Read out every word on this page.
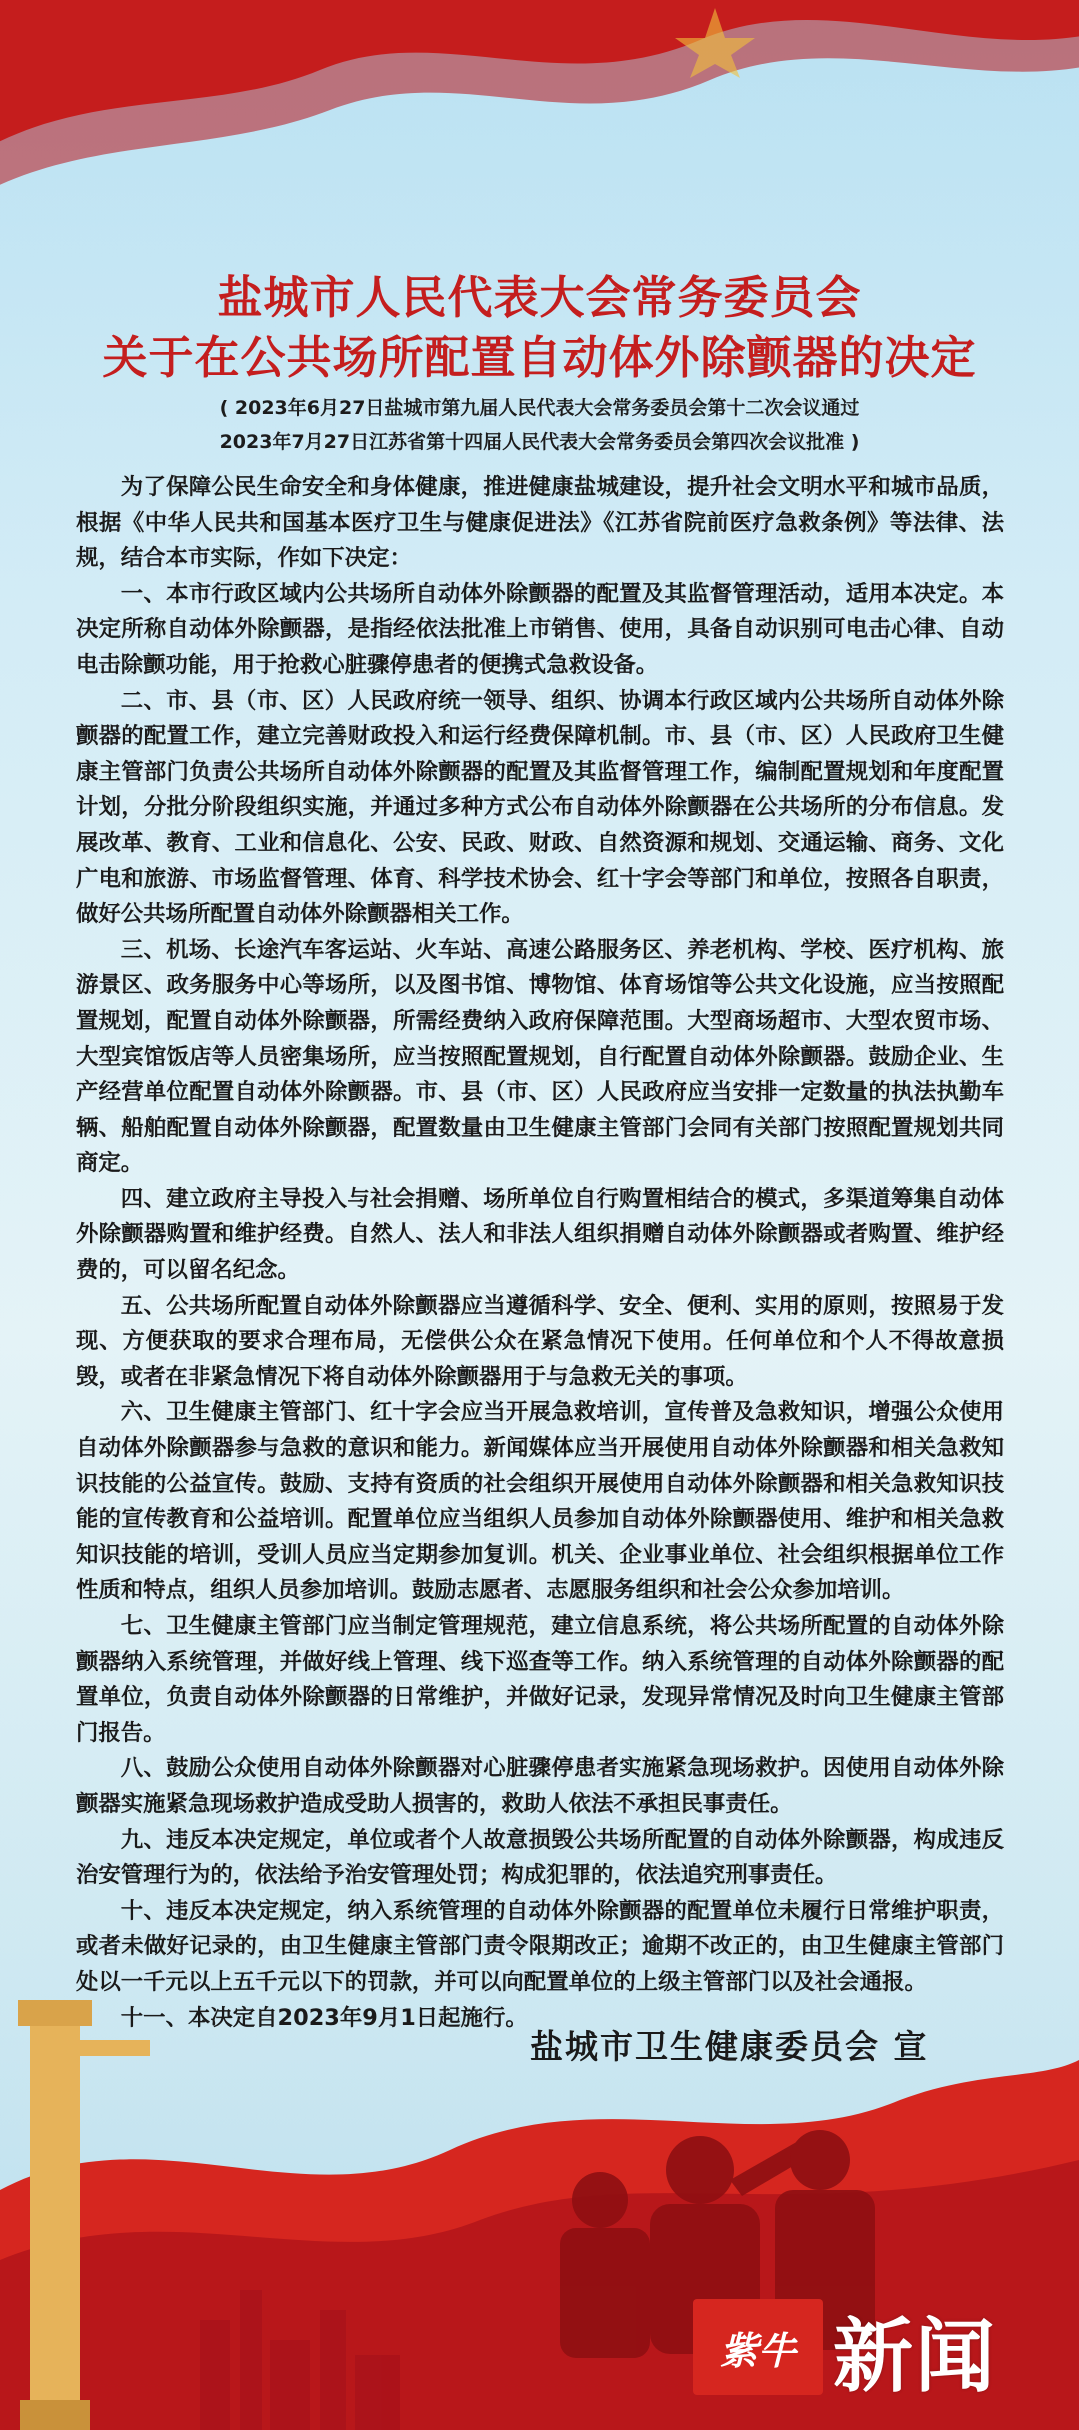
盐城市人民代表大会常务委员会
关于在公共场所配置自动体外除颤器的决定
( 2023年6月27日盐城市第九届人民代表大会常务委员会第十二次会议通过
2023年7月27日江苏省第十四届人民代表大会常务委员会第四次会议批准 )

为了保障公民生命安全和身体健康，推进健康盐城建设，提升社会文明水平和城市品质，根据《中华人民共和国基本医疗卫生与健康促进法》《江苏省院前医疗急救条例》等法律、法规，结合本市实际，作如下决定：

一、本市行政区域内公共场所自动体外除颤器的配置及其监督管理活动，适用本决定。本决定所称自动体外除颤器，是指经依法批准上市销售、使用，具备自动识别可电击心律、自动电击除颤功能，用于抢救心脏骤停患者的便携式急救设备。

二、市、县（市、区）人民政府统一领导、组织、协调本行政区域内公共场所自动体外除颤器的配置工作，建立完善财政投入和运行经费保障机制。市、县（市、区）人民政府卫生健康主管部门负责公共场所自动体外除颤器的配置及其监督管理工作，编制配置规划和年度配置计划，分批分阶段组织实施，并通过多种方式公布自动体外除颤器在公共场所的分布信息。发展改革、教育、工业和信息化、公安、民政、财政、自然资源和规划、交通运输、商务、文化广电和旅游、市场监督管理、体育、科学技术协会、红十字会等部门和单位，按照各自职责，做好公共场所配置自动体外除颤器相关工作。

三、机场、长途汽车客运站、火车站、高速公路服务区、养老机构、学校、医疗机构、旅游景区、政务服务中心等场所，以及图书馆、博物馆、体育场馆等公共文化设施，应当按照配置规划，配置自动体外除颤器，所需经费纳入政府保障范围。大型商场超市、大型农贸市场、大型宾馆饭店等人员密集场所，应当按照配置规划，自行配置自动体外除颤器。鼓励企业、生产经营单位配置自动体外除颤器。市、县（市、区）人民政府应当安排一定数量的执法执勤车辆、船舶配置自动体外除颤器，配置数量由卫生健康主管部门会同有关部门按照配置规划共同商定。

四、建立政府主导投入与社会捐赠、场所单位自行购置相结合的模式，多渠道筹集自动体外除颤器购置和维护经费。自然人、法人和非法人组织捐赠自动体外除颤器或者购置、维护经费的，可以留名纪念。

五、公共场所配置自动体外除颤器应当遵循科学、安全、便利、实用的原则，按照易于发现、方便获取的要求合理布局，无偿供公众在紧急情况下使用。任何单位和个人不得故意损毁，或者在非紧急情况下将自动体外除颤器用于与急救无关的事项。

六、卫生健康主管部门、红十字会应当开展急救培训，宣传普及急救知识，增强公众使用自动体外除颤器参与急救的意识和能力。新闻媒体应当开展使用自动体外除颤器和相关急救知识技能的公益宣传。鼓励、支持有资质的社会组织开展使用自动体外除颤器和相关急救知识技能的宣传教育和公益培训。配置单位应当组织人员参加自动体外除颤器使用、维护和相关急救知识技能的培训，受训人员应当定期参加复训。机关、企业事业单位、社会组织根据单位工作性质和特点，组织人员参加培训。鼓励志愿者、志愿服务组织和社会公众参加培训。

七、卫生健康主管部门应当制定管理规范，建立信息系统，将公共场所配置的自动体外除颤器纳入系统管理，并做好线上管理、线下巡查等工作。纳入系统管理的自动体外除颤器的配置单位，负责自动体外除颤器的日常维护，并做好记录，发现异常情况及时向卫生健康主管部门报告。

八、鼓励公众使用自动体外除颤器对心脏骤停患者实施紧急现场救护。因使用自动体外除颤器实施紧急现场救护造成受助人损害的，救助人依法不承担民事责任。

九、违反本决定规定，单位或者个人故意损毁公共场所配置的自动体外除颤器，构成违反治安管理行为的，依法给予治安管理处罚；构成犯罪的，依法追究刑事责任。

十、违反本决定规定，纳入系统管理的自动体外除颤器的配置单位未履行日常维护职责，或者未做好记录的，由卫生健康主管部门责令限期改正；逾期不改正的，由卫生健康主管部门处以一千元以上五千元以下的罚款，并可以向配置单位的上级主管部门以及社会通报。

十一、本决定自2023年9月1日起施行。

盐城市卫生健康委员会 宣
紫牛 新闻
